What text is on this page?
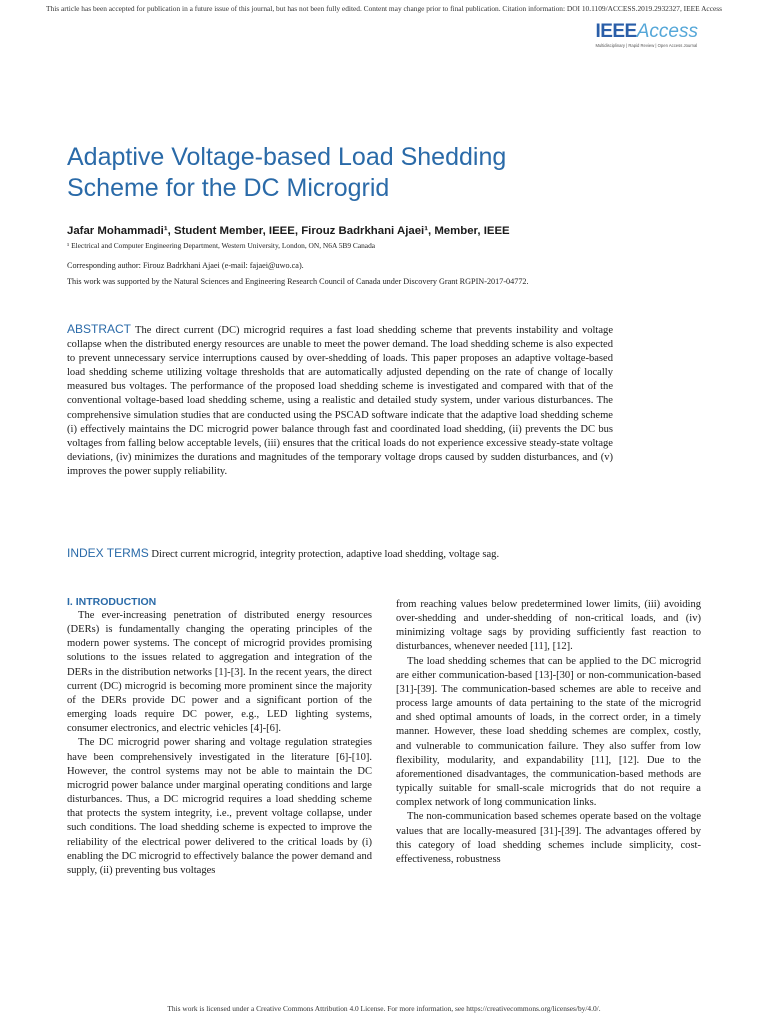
This article has been accepted for publication in a future issue of this journal, but has not been fully edited. Content may change prior to final publication. Citation information: DOI 10.1109/ACCESS.2019.2932327, IEEE Access
IEEEAccess
Multidisciplinary | Rapid Review | Open Access Journal
Adaptive Voltage-based Load Shedding
Scheme for the DC Microgrid
Jafar Mohammadi¹, Student Member, IEEE, Firouz Badrkhani Ajaei¹, Member, IEEE
¹ Electrical and Computer Engineering Department, Western University, London, ON, N6A 5B9 Canada
Corresponding author: Firouz Badrkhani Ajaei (e-mail: fajaei@uwo.ca).
This work was supported by the Natural Sciences and Engineering Research Council of Canada under Discovery Grant RGPIN-2017-04772.
ABSTRACT The direct current (DC) microgrid requires a fast load shedding scheme that prevents instability and voltage collapse when the distributed energy resources are unable to meet the power demand. The load shedding scheme is also expected to prevent unnecessary service interruptions caused by over-shedding of loads. This paper proposes an adaptive voltage-based load shedding scheme utilizing voltage thresholds that are automatically adjusted depending on the rate of change of locally measured bus voltages. The performance of the proposed load shedding scheme is investigated and compared with that of the conventional voltage-based load shedding scheme, using a realistic and detailed study system, under various disturbances. The comprehensive simulation studies that are conducted using the PSCAD software indicate that the adaptive load shedding scheme (i) effectively maintains the DC microgrid power balance through fast and coordinated load shedding, (ii) prevents the DC bus voltages from falling below acceptable levels, (iii) ensures that the critical loads do not experience excessive steady-state voltage deviations, (iv) minimizes the durations and magnitudes of the temporary voltage drops caused by sudden disturbances, and (v) improves the power supply reliability.
INDEX TERMS Direct current microgrid, integrity protection, adaptive load shedding, voltage sag.
I. INTRODUCTION

The ever-increasing penetration of distributed energy resources (DERs) is fundamentally changing the operating principles of the modern power systems. The concept of microgrid provides promising solutions to the issues related to aggregation and integration of the DERs in the distribution networks [1]-[3]. In the recent years, the direct current (DC) microgrid is becoming more prominent since the majority of the DERs provide DC power and a significant portion of the emerging loads require DC power, e.g., LED lighting systems, consumer electronics, and electric vehicles [4]-[6].

The DC microgrid power sharing and voltage regulation strategies have been comprehensively investigated in the literature [6]-[10]. However, the control systems may not be able to maintain the DC microgrid power balance under marginal operating conditions and large disturbances. Thus, a DC microgrid requires a load shedding scheme that protects the system integrity, i.e., prevent voltage collapse, under such conditions. The load shedding scheme is expected to improve the reliability of the electrical power delivered to the critical loads by (i) enabling the DC microgrid to effectively balance the power demand and supply, (ii) preventing bus voltages

from reaching values below predetermined lower limits, (iii) avoiding over-shedding and under-shedding of non-critical loads, and (iv) minimizing voltage sags by providing sufficiently fast reaction to disturbances, whenever needed [11], [12].

The load shedding schemes that can be applied to the DC microgrid are either communication-based [13]-[30] or non-communication-based [31]-[39]. The communication-based schemes are able to receive and process large amounts of data pertaining to the state of the microgrid and shed optimal amounts of loads, in the correct order, in a timely manner. However, these load shedding schemes are complex, costly, and vulnerable to communication failure. They also suffer from low flexibility, modularity, and expandability [11], [12]. Due to the aforementioned disadvantages, the communication-based methods are typically suitable for small-scale microgrids that do not require a complex network of long communication links.

The non-communication based schemes operate based on the voltage values that are locally-measured [31]-[39]. The advantages offered by this category of load shedding schemes include simplicity, cost-effectiveness, robustness

This work is licensed under a Creative Commons Attribution 4.0 License. For more information, see https://creativecommons.org/licenses/by/4.0/.
